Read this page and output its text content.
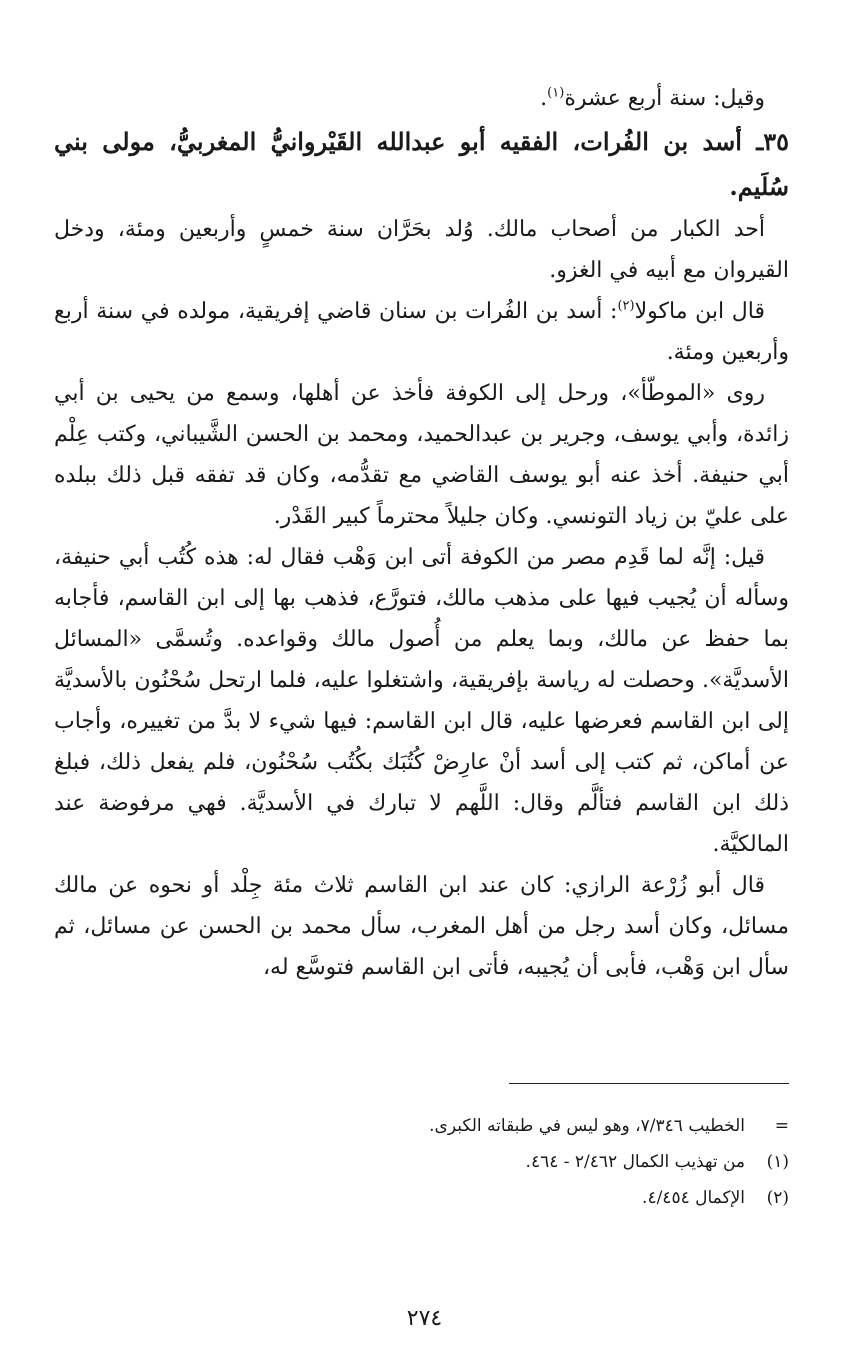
وقيل: سنة أربع عشرة$^{(١)}$.

٣٥ـ أسد بن الفُرات، الفقيه أبو عبدالله القَيْروانيُّ المغربيُّ، مولى بني سُلَيم.

أحد الكبار من أصحاب مالك. وُلد بحَرَّان سنة خمسٍ وأربعين ومئة، ودخل القيروان مع أبيه في الغزو.

قال ابن ماكولا$^{(٢)}$: أسد بن الفُرات بن سنان قاضي إفريقية، مولده في سنة أربع وأربعين ومئة.

روى «الموطّأ»، ورحل إلى الكوفة فأخذ عن أهلها، وسمع من يحيى بن أبي زائدة، وأبي يوسف، وجرير بن عبدالحميد، ومحمد بن الحسن الشَّيباني، وكتب عِلْم أبي حنيفة. أخذ عنه أبو يوسف القاضي مع تقدُّمه، وكان قد تفقه قبل ذلك ببلده على عليّ بن زياد التونسي. وكان جليلاً محترماً كبير القَدْر.

قيل: إنَّه لما قَدِم مصر من الكوفة أتى ابن وَهْب فقال له: هذه كُتُب أبي حنيفة، وسأله أن يُجيب فيها على مذهب مالك، فتورَّع، فذهب بها إلى ابن القاسم، فأجابه بما حفظ عن مالك، وبما يعلم من أُصول مالك وقواعده. وتُسمَّى «المسائل الأسديَّة». وحصلت له رياسة بإفريقية، واشتغلوا عليه، فلما ارتحل سُحْنُون بالأسديَّة إلى ابن القاسم فعرضها عليه، قال ابن القاسم: فيها شيء لا بدَّ من تغييره، وأجاب عن أماكن، ثم كتب إلى أسد أنْ عارِضْ كُتُبَك بكُتُب سُحْنُون، فلم يفعل ذلك، فبلغ ذلك ابن القاسم فتألَّم وقال: اللَّهم لا تبارك في الأسديَّة. فهي مرفوضة عند المالكيَّة.

قال أبو زُرْعة الرازي: كان عند ابن القاسم ثلاث مئة جِلْد أو نحوه عن مالك مسائل، وكان أسد رجل من أهل المغرب، سأل محمد بن الحسن عن مسائل، ثم سأل ابن وَهْب، فأبى أن يُجيبه، فأتى ابن القاسم فتوسَّع له،

=
الخطيب ٧/٣٤٦، وهو ليس في طبقاته الكبرى.
(١)
من تهذيب الكمال ٢/٤٦٢ - ٤٦٤.
(٢)
الإكمال ٤/٤٥٤.
٢٧٤
